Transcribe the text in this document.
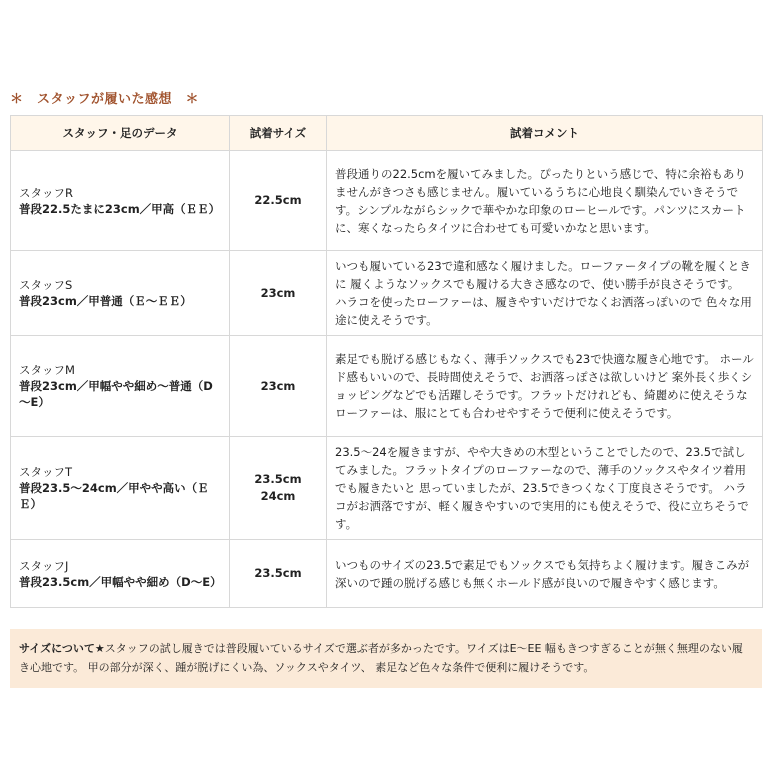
＊　スタッフが履いた感想　＊
スタッフ・足のデータ	試着サイズ	試着コメント

スタッフR
普段22.5たまに23cm／甲高（ＥＥ）	22.5cm	普段通りの22.5cmを履いてみました。ぴったりという感じで、特に余裕もありませんがきつさも感じません。履いているうちに心地良く馴染んでいきそうです。シンプルながらシックで華やかな印象のローヒールです。パンツにスカートに、寒くなったらタイツに合わせても可愛いかなと思います。

スタッフS
普段23cm／甲普通（Ｅ～ＥＥ）	23cm	いつも履いている23で違和感なく履けました。ローファータイプの靴を履くときに 履くようなソックスでも履ける大きさ感なので、使い勝手が良さそうです。 ハラコを使ったローファーは、履きやすいだけでなくお洒落っぽいので 色々な用途に使えそうです。

スタッフM
普段23cm／甲幅やや細め～普通（D～E）	23cm	素足でも脱げる感じもなく、薄手ソックスでも23で快適な履き心地です。 ホールド感もいいので、長時間使えそうで、お洒落っぽさは欲しいけど 案外長く歩くショッピングなどでも活躍しそうです。フラットだけれども、綺麗めに使えそうなローファーは、服にとても合わせやすそうで便利に使えそうです。

スタッフT
普段23.5～24cm／甲やや高い（ＥＥ）	23.5cm
24cm	23.5～24を履きますが、やや大きめの木型ということでしたので、23.5で試してみました。フラットタイプのローファーなので、薄手のソックスやタイツ着用でも履きたいと 思っていましたが、23.5できつくなく丁度良さそうです。 ハラコがお洒落ですが、軽く履きやすいので実用的にも使えそうで、役に立ちそうです。

スタッフJ
普段23.5cm／甲幅やや細め（D～E）	23.5cm	いつものサイズの23.5で素足でもソックスでも気持ちよく履けます。履きこみが深いので踵の脱げる感じも無くホールド感が良いので履きやすく感じます。
サイズについて★スタッフの試し履きでは普段履いているサイズで選ぶ者が多かったです。ワイズはE～EE 幅もきつすぎることが無く無理のない履き心地です。 甲の部分が深く、踵が脱げにくい為、ソックスやタイツ、 素足など色々な条件で便利に履けそうです。
